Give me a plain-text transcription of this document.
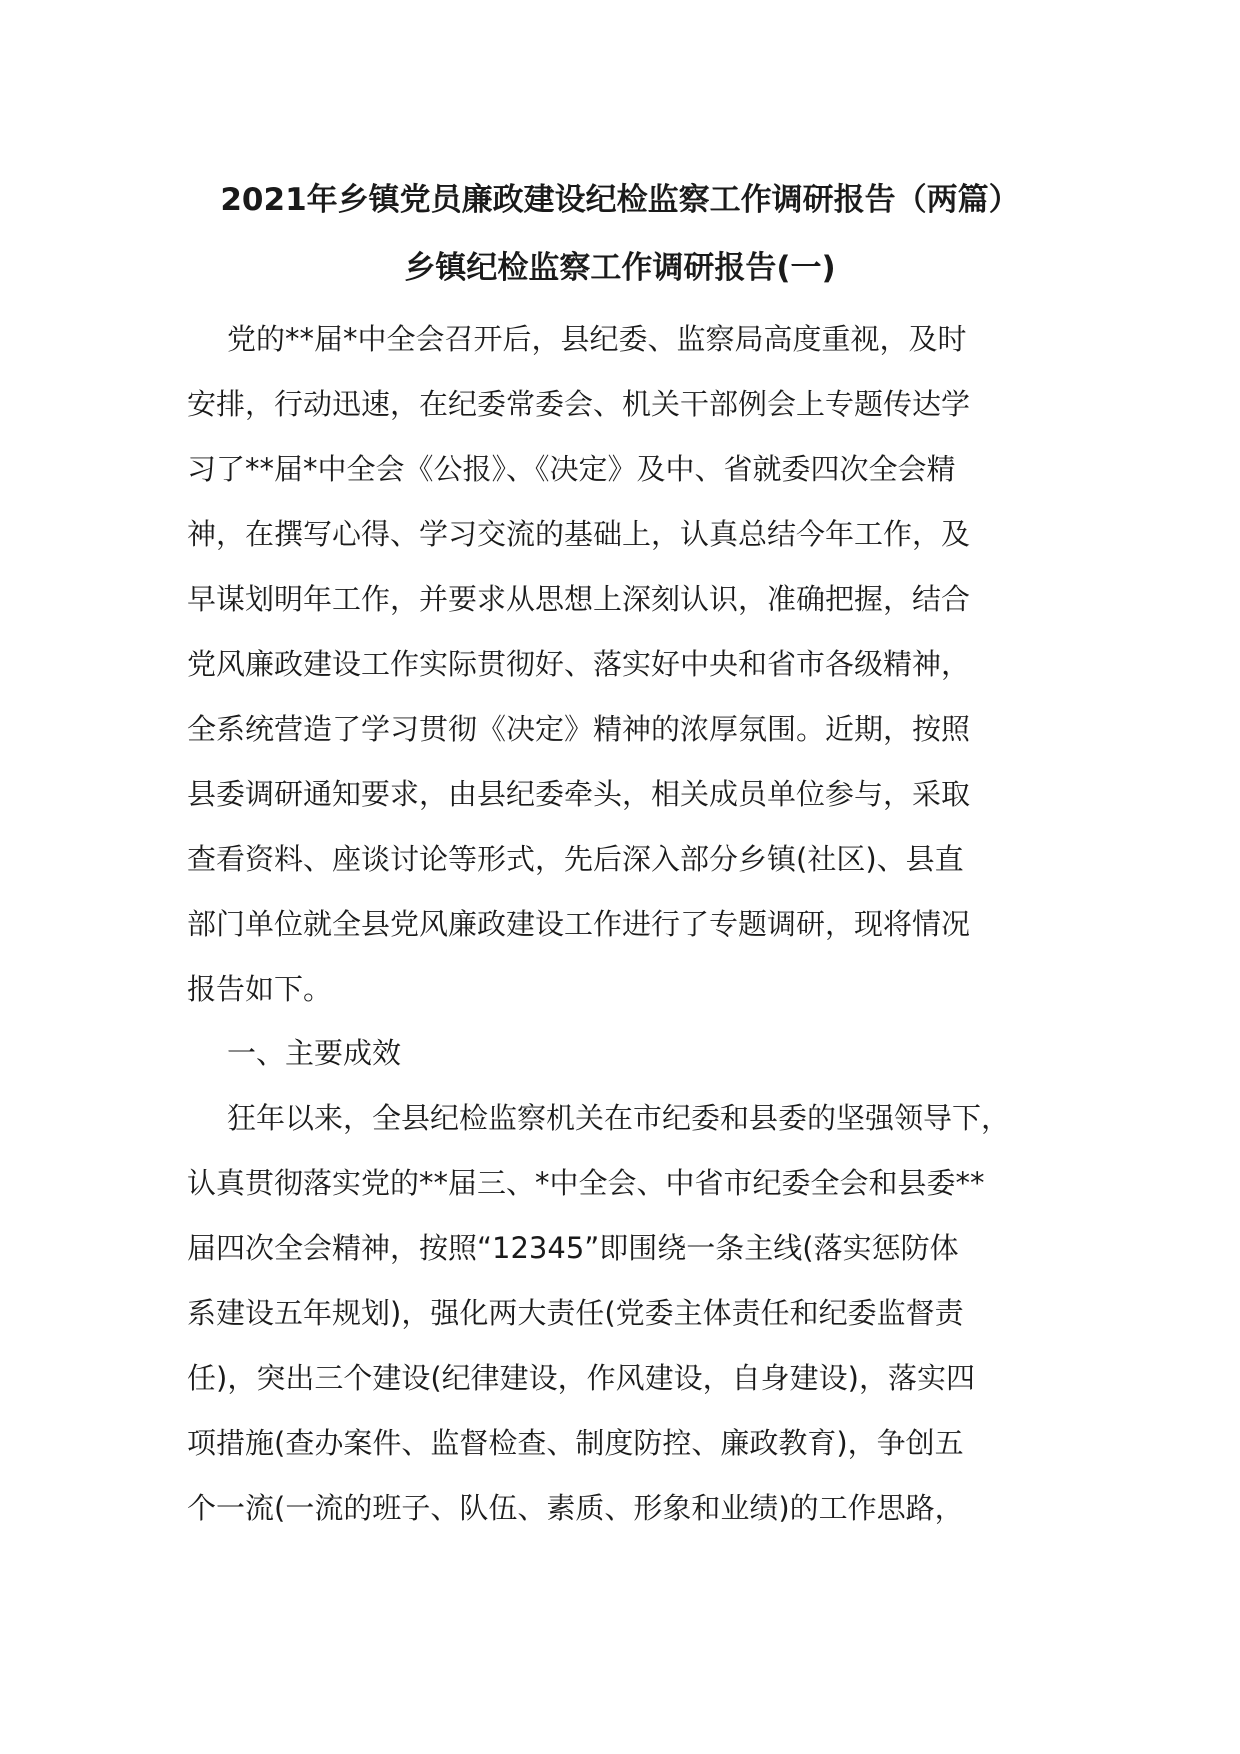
2021年乡镇党员廉政建设纪检监察工作调研报告（两篇）
乡镇纪检监察工作调研报告(一)
党的**届*中全会召开后，县纪委、监察局高度重视，及时
安排，行动迅速，在纪委常委会、机关干部例会上专题传达学
习了**届*中全会《公报》、《决定》及中、省就委四次全会精
神，在撰写心得、学习交流的基础上，认真总结今年工作，及
早谋划明年工作，并要求从思想上深刻认识，准确把握，结合
党风廉政建设工作实际贯彻好、落实好中央和省市各级精神，
全系统营造了学习贯彻《决定》精神的浓厚氛围。近期，按照
县委调研通知要求，由县纪委牵头，相关成员单位参与，采取
查看资料、座谈讨论等形式，先后深入部分乡镇(社区)、县直
部门单位就全县党风廉政建设工作进行了专题调研，现将情况
报告如下。
一、主要成效
狂年以来，全县纪检监察机关在市纪委和县委的坚强领导下，
认真贯彻落实党的**届三、*中全会、中省市纪委全会和县委**
届四次全会精神，按照“12345”即围绕一条主线(落实惩防体
系建设五年规划)，强化两大责任(党委主体责任和纪委监督责
任)，突出三个建设(纪律建设，作风建设，自身建设)，落实四
项措施(查办案件、监督检查、制度防控、廉政教育)，争创五
个一流(一流的班子、队伍、素质、形象和业绩)的工作思路，
